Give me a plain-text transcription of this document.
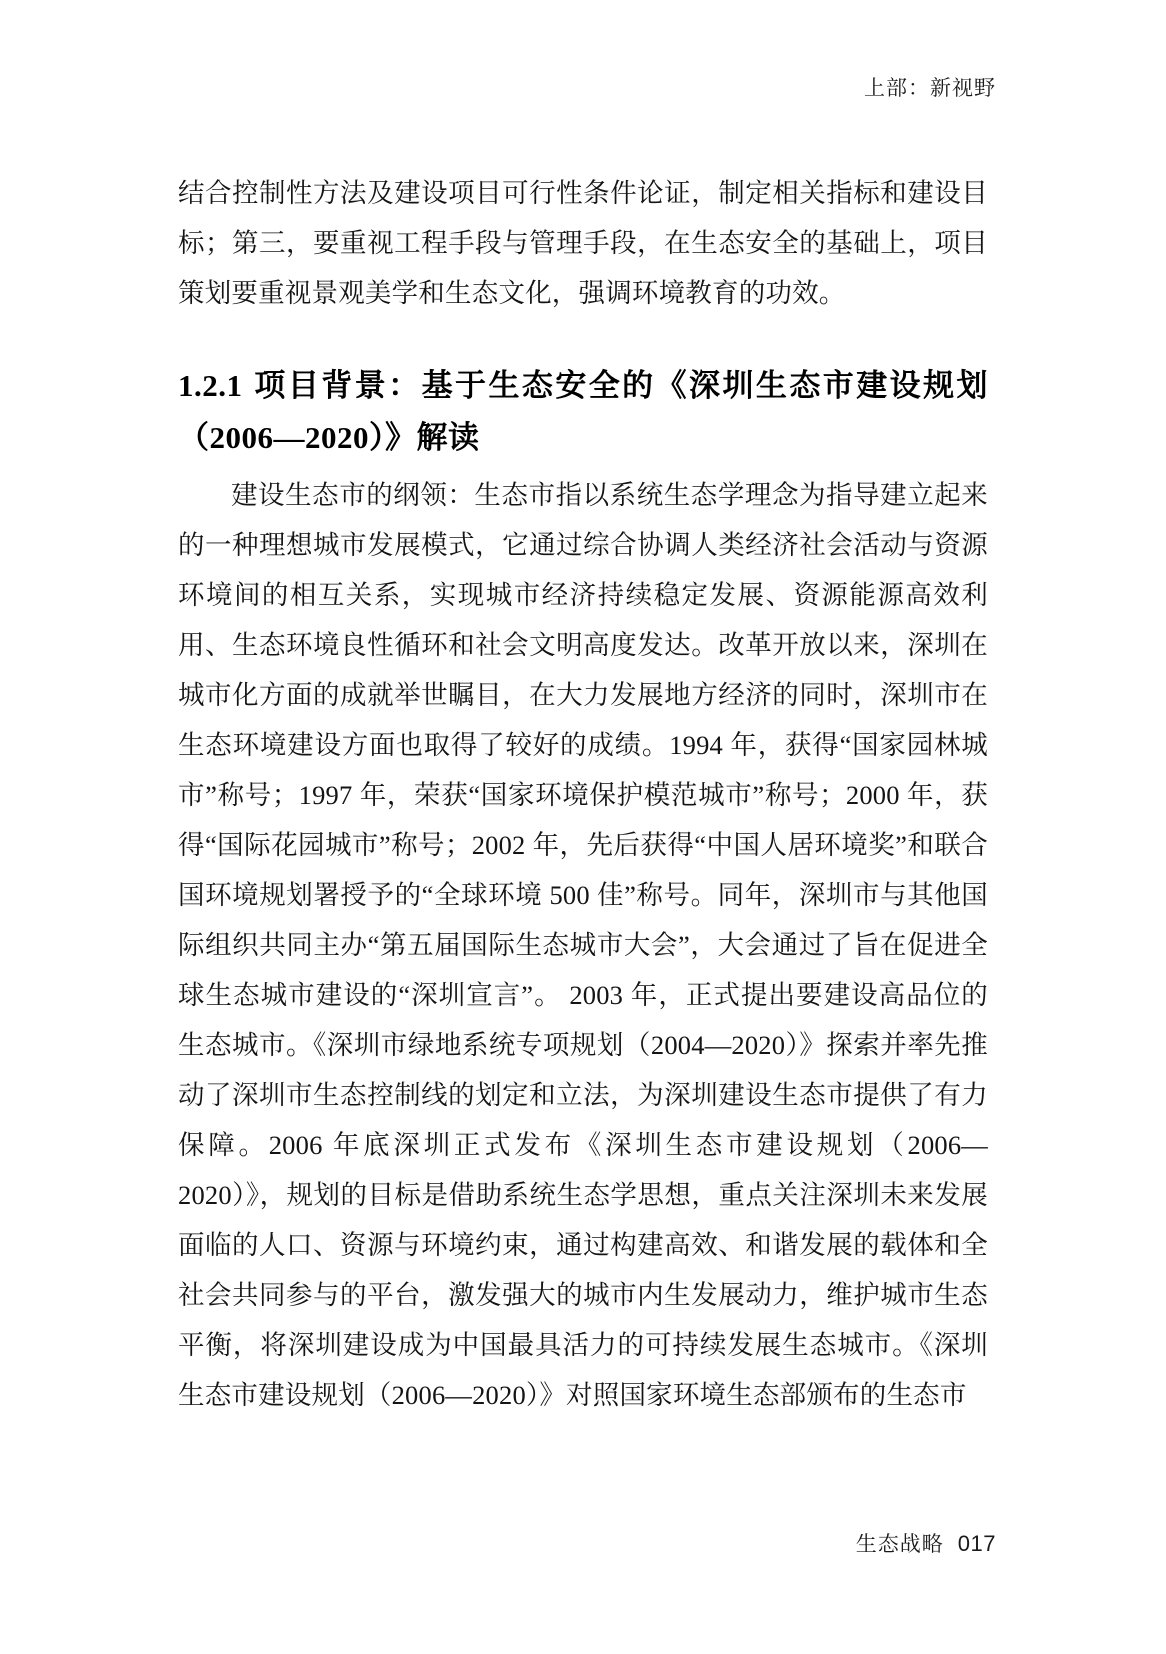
上部：新视野

结合控制性方法及建设项目可行性条件论证，制定相关指标和建设目标；第三，要重视工程手段与管理手段，在生态安全的基础上，项目策划要重视景观美学和生态文化，强调环境教育的功效。

1.2.1 项目背景：基于生态安全的《深圳生态市建设规划（2006—2020）》解读

建设生态市的纲领：生态市指以系统生态学理念为指导建立起来的一种理想城市发展模式，它通过综合协调人类经济社会活动与资源环境间的相互关系，实现城市经济持续稳定发展、资源能源高效利用、生态环境良性循环和社会文明高度发达。改革开放以来，深圳在城市化方面的成就举世瞩目，在大力发展地方经济的同时，深圳市在生态环境建设方面也取得了较好的成绩。1994 年，获得“国家园林城市”称号；1997 年，荣获“国家环境保护模范城市”称号；2000 年，获得“国际花园城市”称号；2002 年，先后获得“中国人居环境奖”和联合国环境规划署授予的“全球环境 500 佳”称号。同年，深圳市与其他国际组织共同主办“第五届国际生态城市大会”，大会通过了旨在促进全球生态城市建设的“深圳宣言”。 2003 年，正式提出要建设高品位的生态城市。《深圳市绿地系统专项规划（2004—2020）》探索并率先推动了深圳市生态控制线的划定和立法，为深圳建设生态市提供了有力保障。2006 年底深圳正式发布《深圳生态市建设规划（2006—2020）》，规划的目标是借助系统生态学思想，重点关注深圳未来发展面临的人口、资源与环境约束，通过构建高效、和谐发展的载体和全社会共同参与的平台，激发强大的城市内生发展动力，维护城市生态平衡，将深圳建设成为中国最具活力的可持续发展生态城市。《深圳生态市建设规划（2006—2020）》对照国家环境生态部颁布的生态市

生态战略 017
